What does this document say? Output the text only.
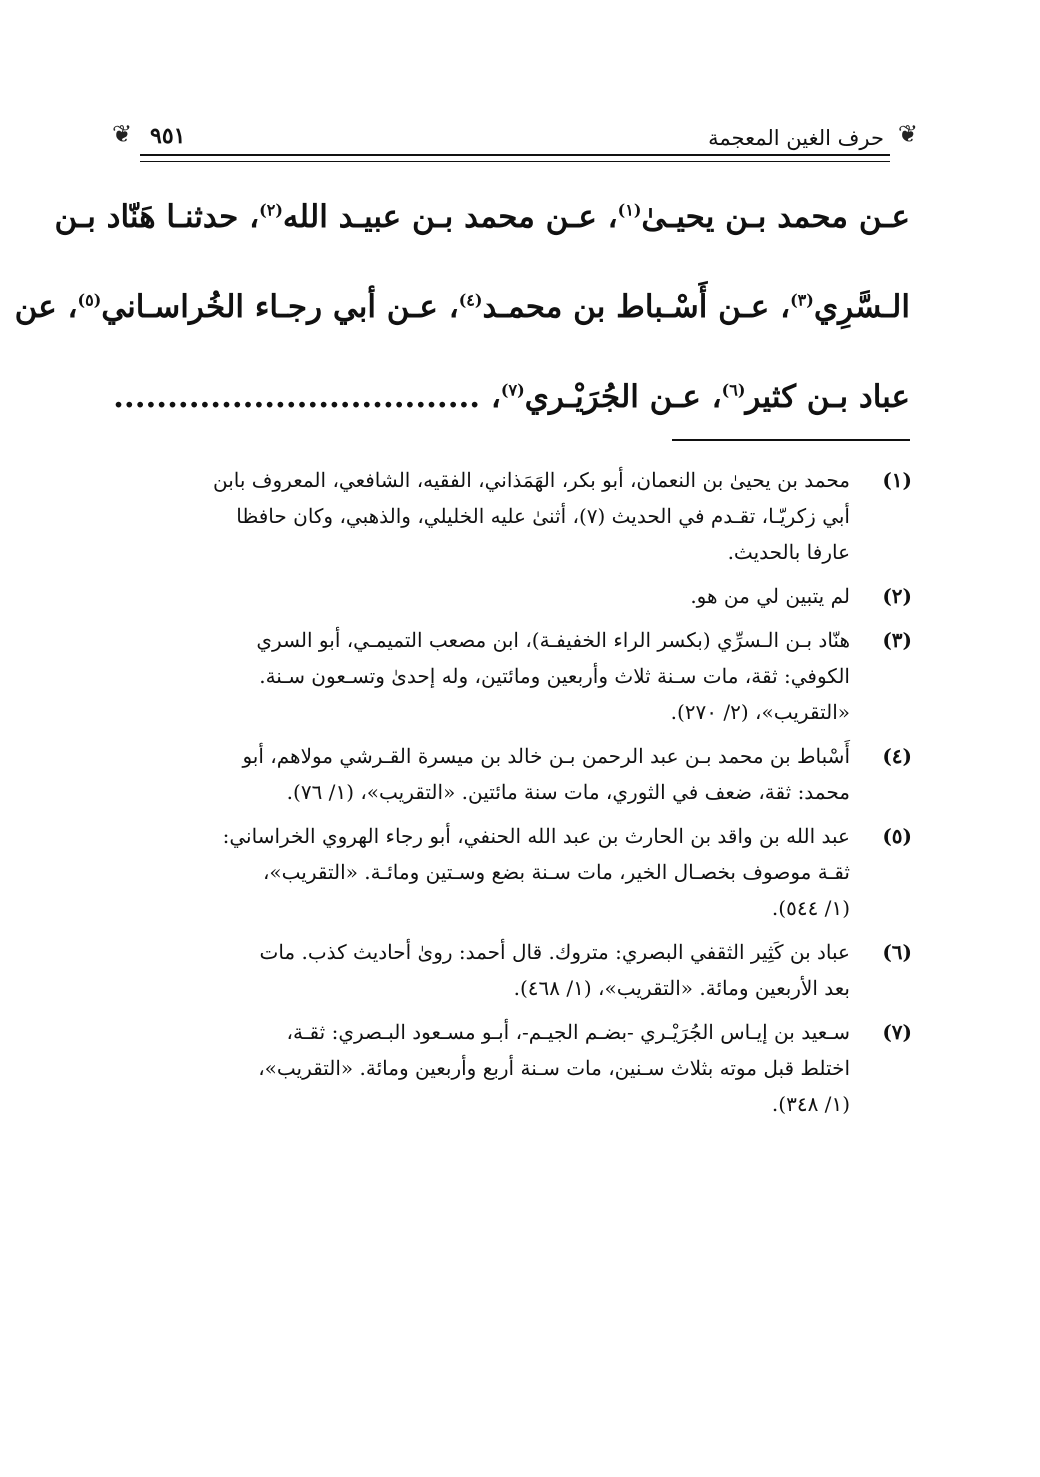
❦
حرف الغين المعجمة
٩٥١
❦
عـن محمد بـن يحيـىٰ$^{(١)}$، عـن محمد بـن عبيـد الله$^{(٢)}$، حدثنـا هَنّاد بـن
الـسَّرِي$^{(٣)}$، عـن أَسْـباط بن محمـد$^{(٤)}$، عـن أبي رجـاء الخُراسـاني$^{(٥)}$، عن
عباد بـن كثير$^{(٦)}$، عـن الجُرَيْـري$^{(٧)}$، ..................................
(١)
محمد بن يحيىٰ بن النعمان، أبو بكر، الهَمَذاني، الفقيه، الشافعي، المعروف بابن
أبي زكريّـا، تقـدم في الحديث (٧)، أثنىٰ عليه الخليلي، والذهبي، وكان حافظا
عارفا بالحديث.
(٢)
لم يتبين لي من هو.
(٣)
هنّاد بـن الـسرِّي (بكسر الراء الخفيفـة)، ابن مصعب التميمـي، أبو السري
الكوفي: ثقة، مات سـنة ثلاث وأربعين ومائتين، وله إحدىٰ وتسـعون سـنة.
«التقريب»، (٢/ ٢٧٠).
(٤)
أَسْباط بن محمد بـن عبد الرحمن بـن خالد بن ميسرة القـرشي مولاهم، أبو
محمد: ثقة، ضعف في الثوري، مات سنة مائتين. «التقريب»، (١/ ٧٦).
(٥)
عبد الله بن واقد بن الحارث بن عبد الله الحنفي، أبو رجاء الهروي الخراساني:
ثقـة موصوف بخصـال الخير، مات سـنة بضع وسـتين ومائـة. «التقريب»،
(١/ ٥٤٤).
(٦)
عباد بن كَثِير الثقفي البصري: متروك. قال أحمد: روىٰ أحاديث كذب. مات
بعد الأربعين ومائة. «التقريب»، (١/ ٤٦٨).
(٧)
سـعيد بن إيـاس الجُرَيْـري -بضـم الجيـم-، أبـو مسـعود البـصري: ثقـة،
اختلط قبل موته بثلاث سـنين، مات سـنة أربع وأربعين ومائة. «التقريب»،
(١/ ٣٤٨).
